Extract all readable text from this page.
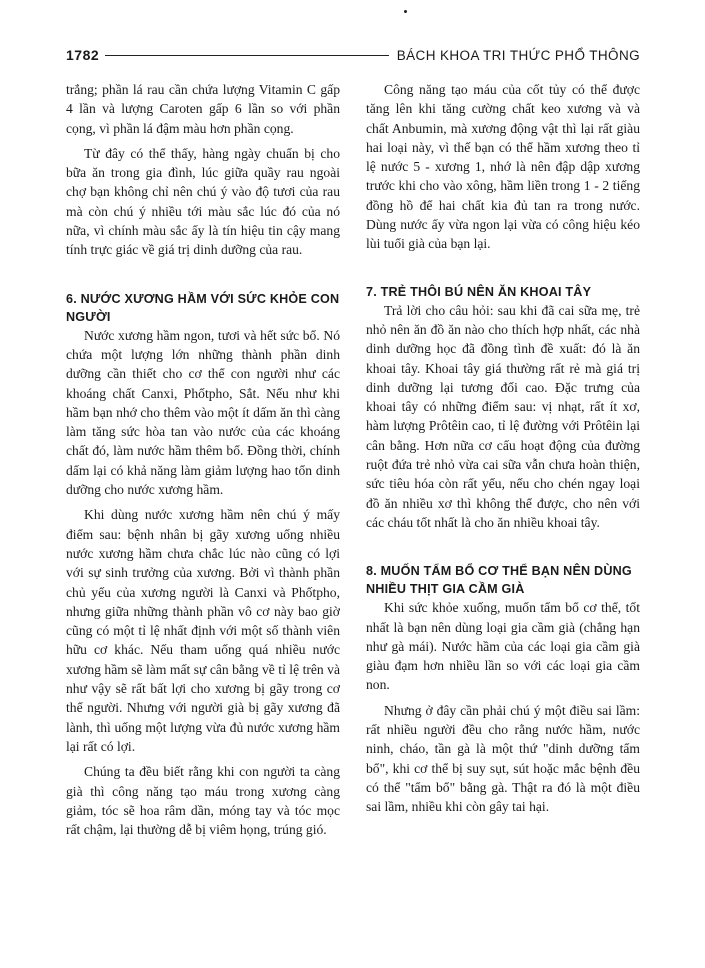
1782	BÁCH KHOA TRI THỨC PHỔ THÔNG

trắng; phần lá rau cần chứa lượng Vitamin C gấp 4 lần và lượng Caroten gấp 6 lần so với phần cọng, vì phần lá đậm màu hơn phần cọng.

Từ đây có thể thấy, hàng ngày chuẩn bị cho bữa ăn trong gia đình, lúc giữa quầy rau ngoài chợ bạn không chỉ nên chú ý vào độ tươi của rau mà còn chú ý nhiều tới màu sắc lúc đó của nó nữa, vì chính màu sắc ấy là tín hiệu tin cậy mang tính trực giác về giá trị dinh dưỡng của rau.

6. NƯỚC XƯƠNG HẦM VỚI SỨC KHỎE CON NGƯỜI

Nước xương hầm ngon, tươi và hết sức bổ. Nó chứa một lượng lớn những thành phần dinh dưỡng cần thiết cho cơ thể con người như các khoáng chất Canxi, Phốtpho, Sắt. Nếu như khi hầm bạn nhớ cho thêm vào một ít dấm ăn thì càng làm tăng sức hòa tan vào nước của các khoáng chất đó, làm nước hầm thêm bổ. Đồng thời, chính dấm lại có khả năng làm giảm lượng hao tổn dinh dưỡng cho nước xương hầm.

Khi dùng nước xương hầm nên chú ý mấy điểm sau: bệnh nhân bị gãy xương uống nhiều nước xương hầm chưa chắc lúc nào cũng có lợi với sự sinh trưởng của xương. Bởi vì thành phần chủ yếu của xương người là Canxi và Phốtpho, nhưng giữa những thành phần vô cơ này bao giờ cũng có một tỉ lệ nhất định với một số thành viên hữu cơ khác. Nếu tham uống quá nhiều nước xương hầm sẽ làm mất sự cân bằng về tỉ lệ trên và như vậy sẽ rất bất lợi cho xương bị gãy trong cơ thể người. Nhưng với người già bị gãy xương đã lành, thì uống một lượng vừa đủ nước xương hầm lại rất có lợi.

Chúng ta đều biết rằng khi con người ta càng già thì công năng tạo máu trong xương càng giảm, tóc sẽ hoa râm dần, móng tay và tóc mọc rất chậm, lại thường dễ bị viêm họng, trúng gió.

Công năng tạo máu của cốt tủy có thể được tăng lên khi tăng cường chất keo xương và và chất Anbumin, mà xương động vật thì lại rất giàu hai loại này, vì thế bạn có thể hầm xương theo tỉ lệ nước 5 - xương 1, nhớ là nên đập dập xương trước khi cho vào xông, hầm liền trong 1 - 2 tiếng đồng hồ để hai chất kia đủ tan ra trong nước. Dùng nước ấy vừa ngon lại vừa có công hiệu kéo lùi tuổi già của bạn lại.

7. TRẺ THÔI BÚ NÊN ĂN KHOAI TÂY

Trả lời cho câu hỏi: sau khi đã cai sữa mẹ, trẻ nhỏ nên ăn đồ ăn nào cho thích hợp nhất, các nhà dinh dưỡng học đã đồng tình đề xuất: đó là ăn khoai tây. Khoai tây giá thường rất rẻ mà giá trị dinh dưỡng lại tương đối cao. Đặc trưng của khoai tây có những điểm sau: vị nhạt, rất ít xơ, hàm lượng Prôtêin cao, tỉ lệ đường với Prôtêin lại cân bằng. Hơn nữa cơ cấu hoạt động của đường ruột đứa trẻ nhỏ vừa cai sữa vẫn chưa hoàn thiện, sức tiêu hóa còn rất yếu, nếu cho chén ngay loại đồ ăn nhiều xơ thì không thể được, cho nên với các cháu tốt nhất là cho ăn nhiều khoai tây.

8. MUỐN TẨM BỔ CƠ THỂ BẠN NÊN DÙNG NHIỀU THỊT GIA CẦM GIÀ

Khi sức khỏe xuống, muốn tẩm bổ cơ thể, tốt nhất là bạn nên dùng loại gia cầm già (chẳng hạn như gà mái). Nước hầm của các loại gia cầm già giàu đạm hơn nhiều lần so với các loại gia cầm non.

Nhưng ở đây cần phải chú ý một điều sai lầm: rất nhiều người đều cho rằng nước hầm, nước ninh, cháo, tần gà là một thứ "dinh dưỡng tẩm bổ", khi cơ thể bị suy sụt, sút hoặc mắc bệnh đều có thể "tẩm bổ" bằng gà. Thật ra đó là một điều sai lầm, nhiều khi còn gây tai hại.
